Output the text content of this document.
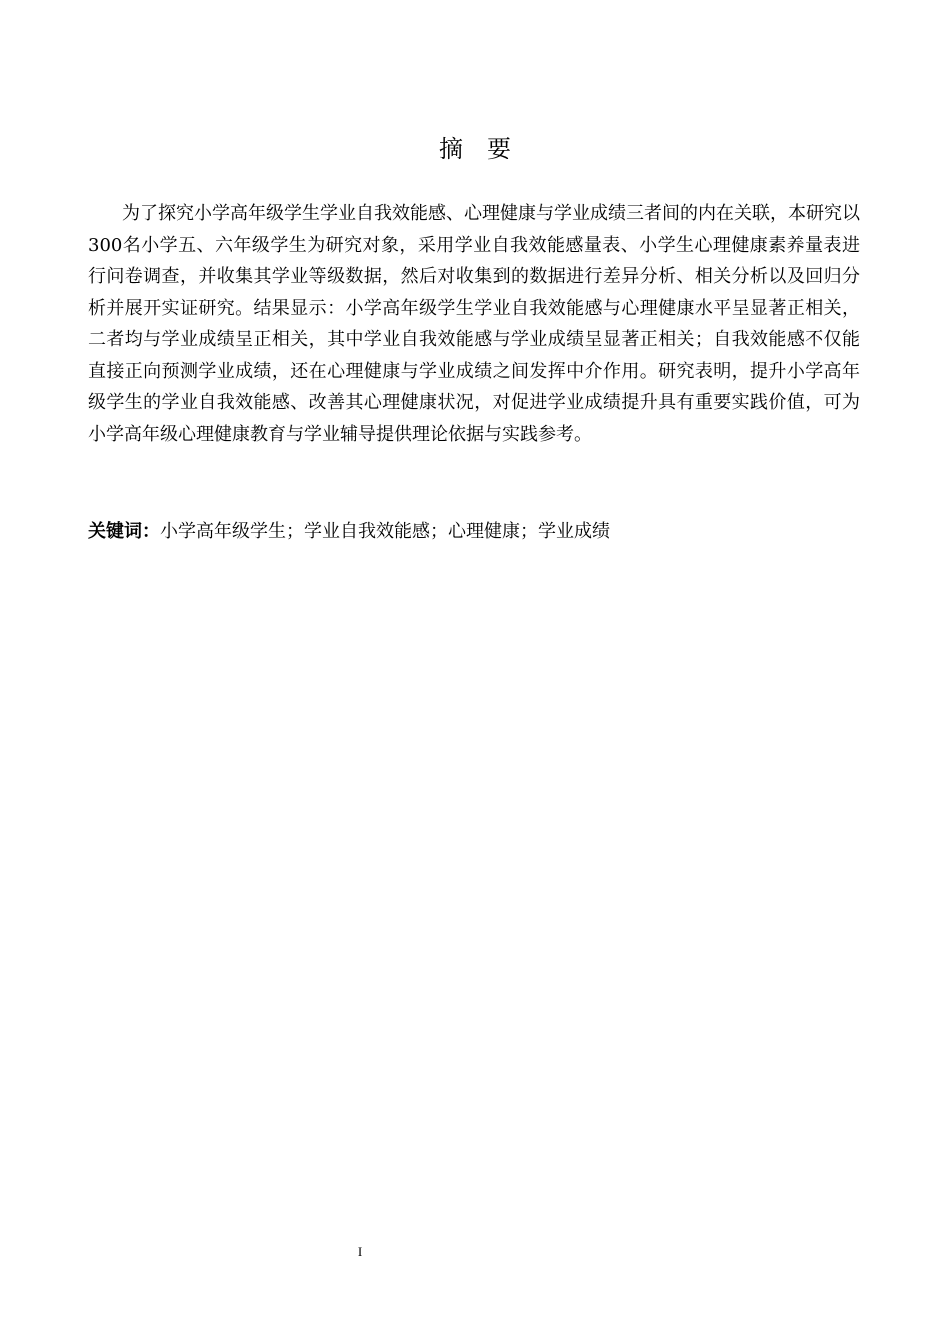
摘 要

为了探究小学高年级学生学业自我效能感、心理健康与学业成绩三者间的内在关联，本研究以300名小学五、六年级学生为研究对象，采用学业自我效能感量表、小学生心理健康素养量表进行问卷调查，并收集其学业等级数据，然后对收集到的数据进行差异分析、相关分析以及回归分析并展开实证研究。结果显示：小学高年级学生学业自我效能感与心理健康水平呈显著正相关，二者均与学业成绩呈正相关，其中学业自我效能感与学业成绩呈显著正相关；自我效能感不仅能直接正向预测学业成绩，还在心理健康与学业成绩之间发挥中介作用。研究表明，提升小学高年级学生的学业自我效能感、改善其心理健康状况，对促进学业成绩提升具有重要实践价值，可为小学高年级心理健康教育与学业辅导提供理论依据与实践参考。

关键词：小学高年级学生；学业自我效能感；心理健康；学业成绩

I
